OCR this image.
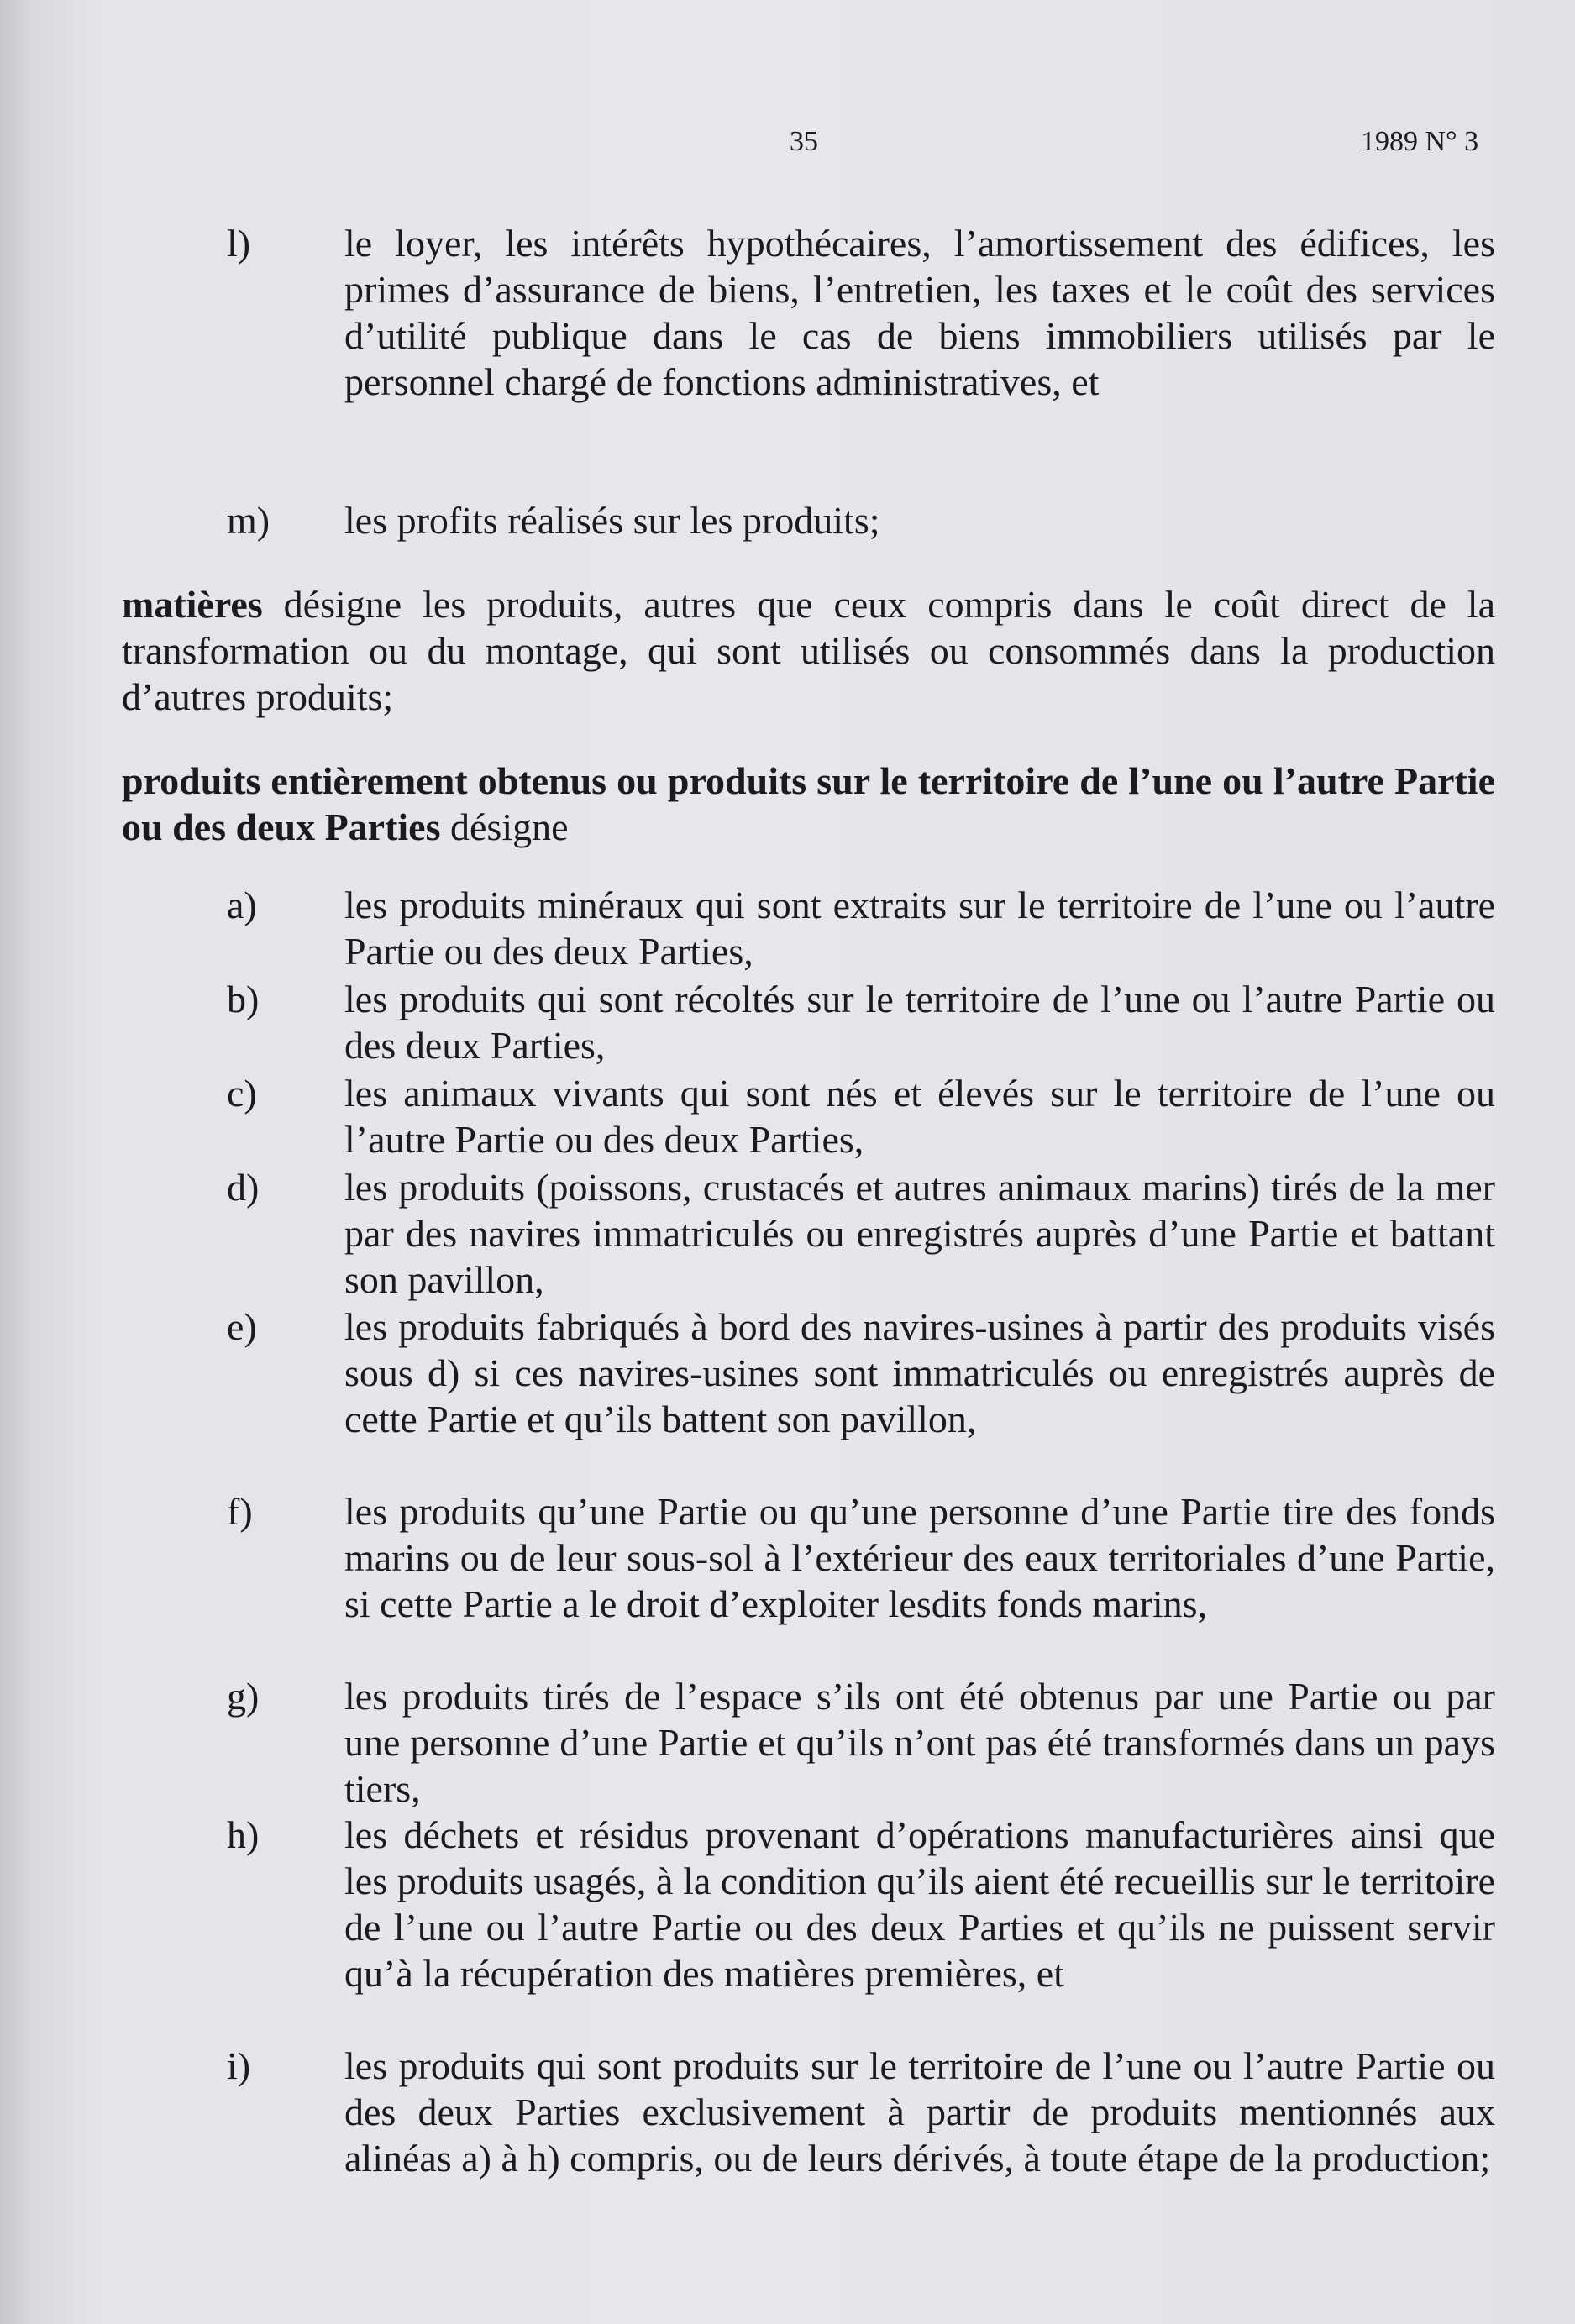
35	1989 N° 3
l)	le loyer, les intérêts hypothécaires, l’amortissement des édifices, les primes d’assurance de biens, l’entretien, les taxes et le coût des services d’utilité publique dans le cas de biens immobiliers utilisés par le personnel chargé de fonctions administratives, et
m)	les profits réalisés sur les produits;
matières désigne les produits, autres que ceux compris dans le coût direct de la transformation ou du montage, qui sont utilisés ou consommés dans la production d’autres produits;
produits entièrement obtenus ou produits sur le territoire de l’une ou l’autre Partie ou des deux Parties désigne
a)	les produits minéraux qui sont extraits sur le territoire de l’une ou l’autre Partie ou des deux Parties,
b)	les produits qui sont récoltés sur le territoire de l’une ou l’autre Partie ou des deux Parties,
c)	les animaux vivants qui sont nés et élevés sur le territoire de l’une ou l’autre Partie ou des deux Parties,
d)	les produits (poissons, crustacés et autres animaux marins) tirés de la mer par des navires immatriculés ou enregistrés auprès d’une Partie et battant son pavillon,
e)	les produits fabriqués à bord des navires-usines à partir des produits visés sous d) si ces navires-usines sont immatriculés ou enregistrés auprès de cette Partie et qu’ils battent son pavillon,
f)	les produits qu’une Partie ou qu’une personne d’une Partie tire des fonds marins ou de leur sous-sol à l’extérieur des eaux territoriales d’une Partie, si cette Partie a le droit d’exploiter lesdits fonds marins,
g)	les produits tirés de l’espace s’ils ont été obtenus par une Partie ou par une personne d’une Partie et qu’ils n’ont pas été transformés dans un pays tiers,
h)	les déchets et résidus provenant d’opérations manufacturières ainsi que les produits usagés, à la condition qu’ils aient été recueillis sur le territoire de l’une ou l’autre Partie ou des deux Parties et qu’ils ne puissent servir qu’à la récupération des matières premières, et
i)	les produits qui sont produits sur le territoire de l’une ou l’autre Partie ou des deux Parties exclusivement à partir de produits mentionnés aux alinéas a) à h) compris, ou de leurs dérivés, à toute étape de la production;
